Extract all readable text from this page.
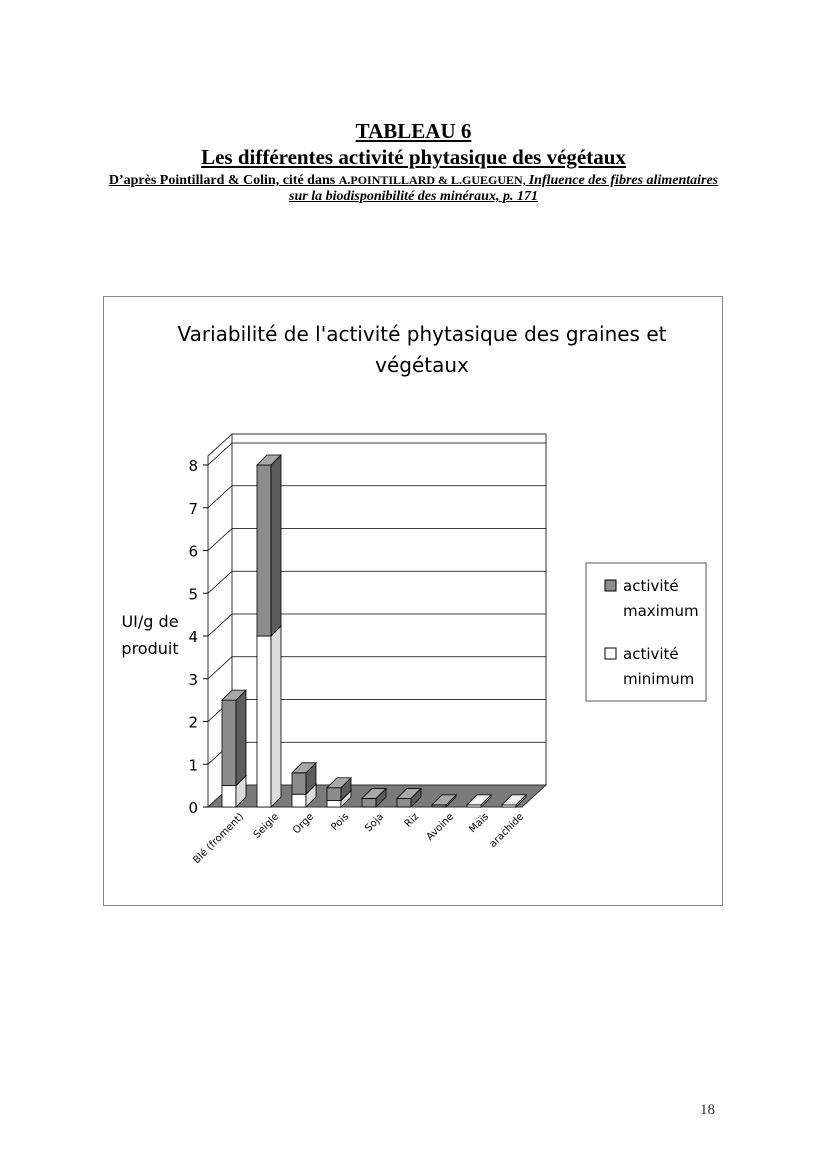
TABLEAU 6
Les différentes activité phytasique des végétaux
D’après Pointillard & Colin, cité dans A.POINTILLARD & L.GUEGUEN, Influence des fibres alimentaires sur la biodisponibilité des minéraux, p. 171
Variabilité de l'activité phytasique des graines et
végétaux
0
1
2
3
4
5
6
7
8
UI/g de
produit
Blé (froment) Seigle Orge Pois Soja Riz Avoine Maïs
arachide
activité
maximum
activité
minimum
18
